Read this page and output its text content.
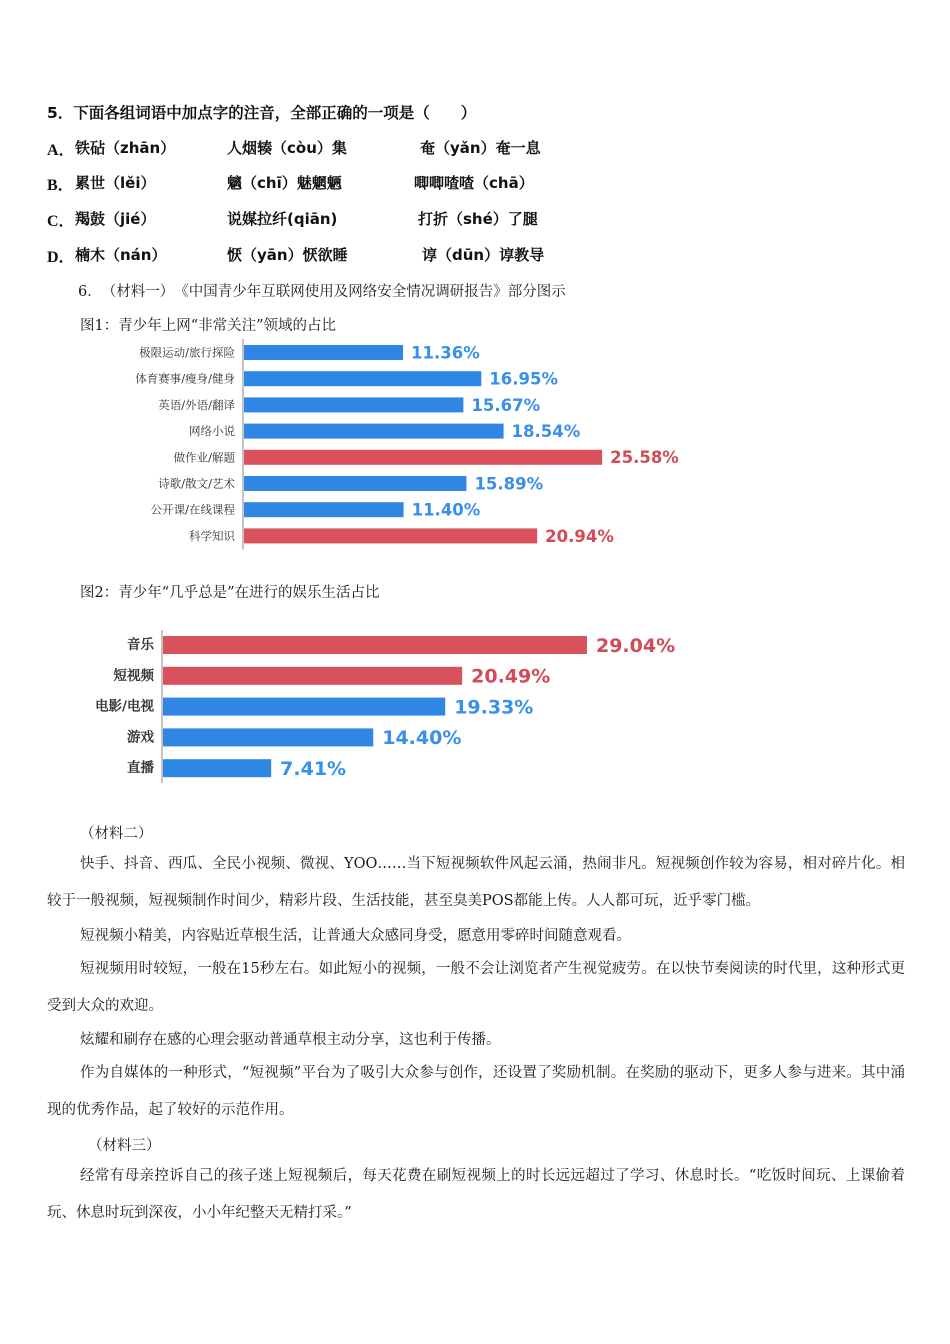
5．下面各组词语中加点字的注音，全部正确的一项是（　　）
A． 铁砧（zhān）	人烟辏（còu）集	奄（yǎn）奄一息
B． 累世（lěi）	魑（chī）魅魍魉	唧唧喳喳（chā）
C． 羯鼓（jié）	说媒拉纤(qiān)	打折（shé）了腿
D． 楠木（nán）	恹（yān）恹欲睡	谆（dūn）谆教导
6．　（材料一）　《中国青少年互联网使用及网络安全情况调研报告》部分图示
图1：青少年上网“非常关注”领域的占比
极限运动/旅行探险	11.36%
体育赛事/瘦身/健身	16.95%
英语/外语/翻译	15.67%
网络小说	18.54%
做作业/解题	25.58%
诗歌/散文/艺术	15.89%
公开课/在线课程	11.40%
科学知识	20.94%
图2：青少年“几乎总是”在进行的娱乐生活占比
音乐	29.04%
短视频	20.49%
电影/电视	19.33%
游戏	14.40%
直播	7.41%
（材料二）
快手、抖音、西瓜、全民小视频、微视、YOO……当下短视频软件风起云涌，热闹非凡。短视频创作较为容易，相对碎片化。相较于一般视频，短视频制作时间少，精彩片段、生活技能，甚至臭美POS都能上传。人人都可玩，近乎零门槛。
短视频小精美，内容贴近草根生活，让普通大众感同身受，愿意用零碎时间随意观看。
短视频用时较短，一般在15秒左右。如此短小的视频，一般不会让浏览者产生视觉疲劳。在以快节奏阅读的时代里，这种形式更受到大众的欢迎。
炫耀和刷存在感的心理会驱动普通草根主动分享，这也利于传播。
作为自媒体的一种形式，“短视频”平台为了吸引大众参与创作，还设置了奖励机制。在奖励的驱动下，更多人参与进来。其中涌现的优秀作品，起了较好的示范作用。
（材料三）
经常有母亲控诉自己的孩子迷上短视频后，每天花费在刷短视频上的时长远远超过了学习、休息时长。“吃饭时间玩、上课偷着玩、休息时玩到深夜，小小年纪整天无精打采。”
